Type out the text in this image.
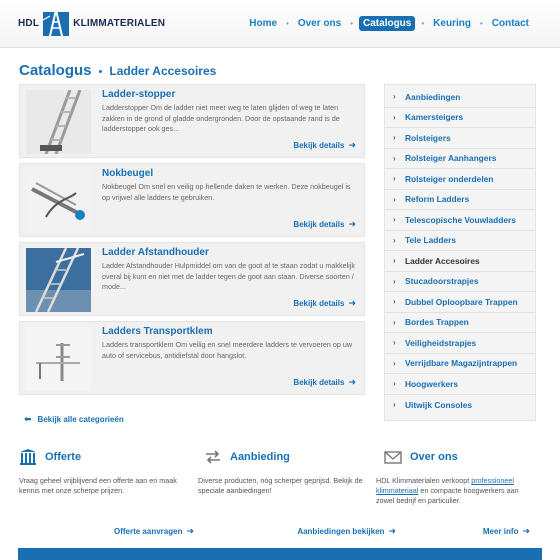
HDL	KLIMMATERIALEN	Home	• Over ons	•	Catalogus	• Keuring	• Contact
Catalogus • Ladder Accesoires
Ladder-stopper
Ladderstopper Om de ladder niet meer weg te laten glijden of weg te laten zakken in de grond of gladde ondergronden. Door de opstaande rand is de ladderstopper ook ges...
Bekijk details ➜
Nokbeugel
Nokbeugel Om snel en veilig op hellende daken te werken. Deze nokbeugel is op vrijwel alle ladders te gebruiken.
Bekijk details ➜
Ladder Afstandhouder
Ladder Afstandhouder Hulpmiddel om van de goot af te staan zodat u makkelijk overal bij kunt en niet met de ladder tegen de goot aan staan. Diverse soorten / mode...
Bekijk details ➜
Ladders Transportklem
Ladders transportklem Om veilig en snel meerdere ladders te vervoeren op uw auto of servicebus, antidiefstal door hangslot.
Bekijk details ➜
⬅ Bekijk alle categorieën
›	Aanbiedingen
›	Kamersteigers
›	Rolsteigers
›	Rolsteiger Aanhangers
›	Rolsteiger onderdelen
›	Reform Ladders
›	Telescopische Vouwladders
›	Tele Ladders
›	Ladder Accesoires
›	Stucadoorstrapjes
›	Dubbel Oploopbare Trappen
›	Bordes Trappen
›	Veiligheidstrapjes
›	Verrijdbare Magazijntrappen
›	Hoogwerkers
›	Uitwijk Consoles
Offerte
Vraag geheel vrijblijvend een offerte aan en maak kennis met onze scherpe prijzen.
Offerte aanvragen ➜
Aanbieding
Diverse producten, nóg scherper geprijsd. Bekijk de speciale aanbiedingen!
Aanbiedingen bekijken ➜
Over ons
HDL Klimmaterialen verkoopt professioneel klimmateriaal en compacte hoogwerkers aan zowel bedrijf en particulier.
Meer info ➜
